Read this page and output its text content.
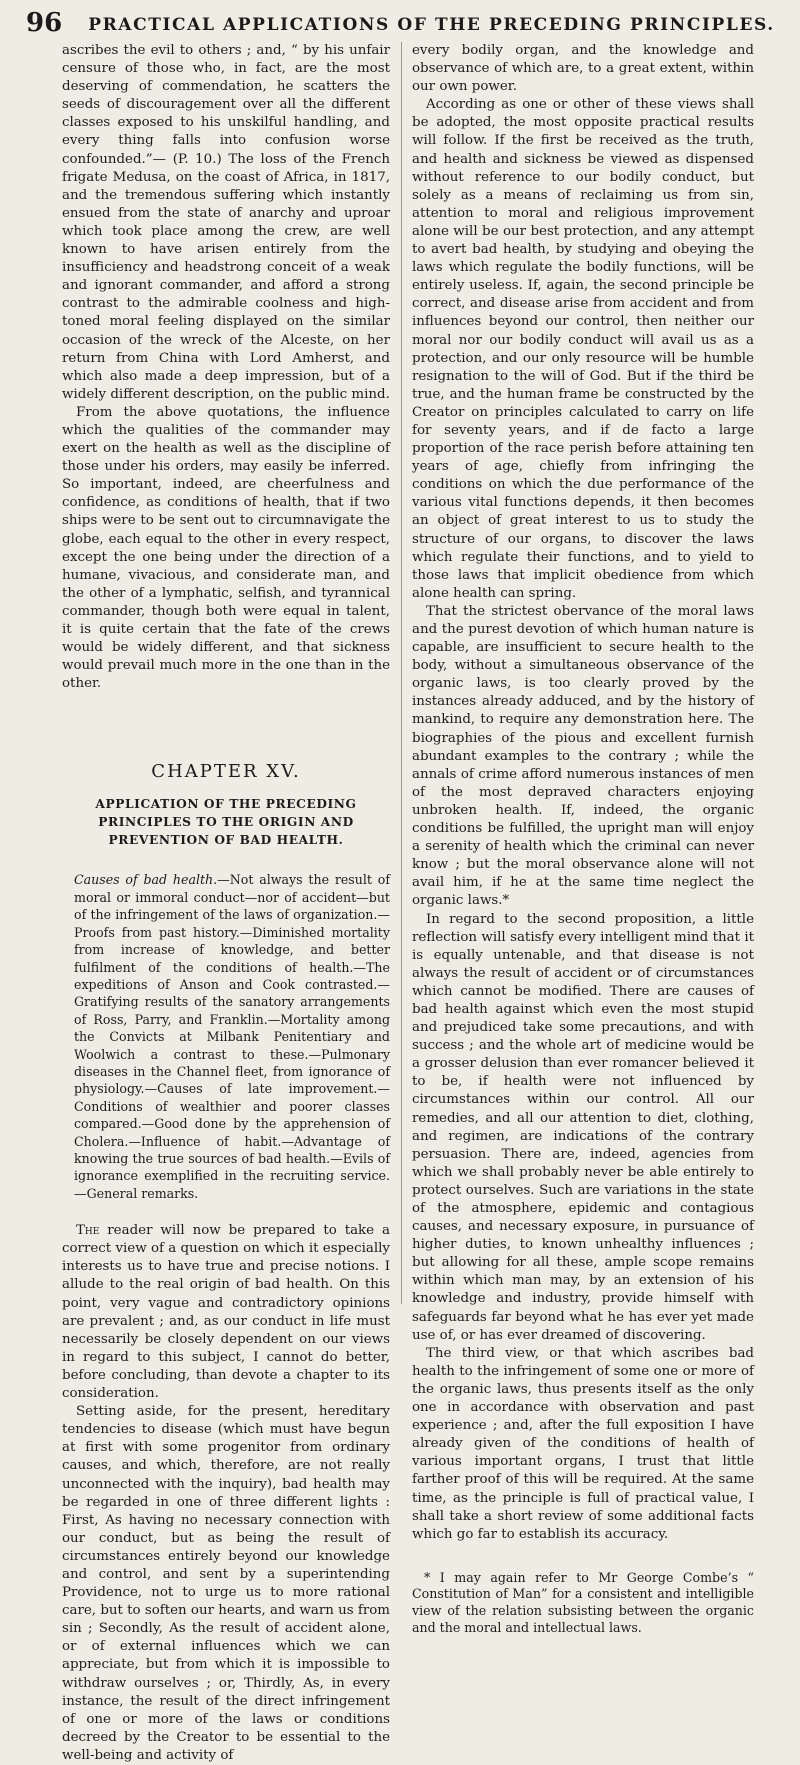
96 PRACTICAL APPLICATIONS OF THE PRECEDING PRINCIPLES.

ascribes the evil to others ; and, “ by his unfair censure of those who, in fact, are the most deserving of commendation, he scatters the seeds of discouragement over all the different classes exposed to his unskilful handling, and every thing falls into confusion worse confounded.”— (P. 10.) The loss of the French frigate Medusa, on the coast of Africa, in 1817, and the tremendous suffering which instantly ensued from the state of anarchy and uproar which took place among the crew, are well known to have arisen entirely from the insufficiency and headstrong conceit of a weak and ignorant commander, and afford a strong contrast to the admirable coolness and high-toned moral feeling displayed on the similar occasion of the wreck of the Alceste, on her return from China with Lord Amherst, and which also made a deep impression, but of a widely different description, on the public mind.

From the above quotations, the influence which the qualities of the commander may exert on the health as well as the discipline of those under his orders, may easily be inferred. So important, indeed, are cheerfulness and confidence, as conditions of health, that if two ships were to be sent out to circumnavigate the globe, each equal to the other in every respect, except the one being under the direction of a humane, vivacious, and considerate man, and the other of a lymphatic, selfish, and tyrannical commander, though both were equal in talent, it is quite certain that the fate of the crews would be widely different, and that sickness would prevail much more in the one than in the other.

CHAPTER XV.
APPLICATION OF THE PRECEDING PRINCIPLES TO THE ORIGIN AND PREVENTION OF BAD HEALTH.

Causes of bad health.—Not always the result of moral or immoral conduct—nor of accident—but of the infringement of the laws of organization.—Proofs from past history.—Diminished mortality from increase of knowledge, and better fulfilment of the conditions of health.—The expeditions of Anson and Cook contrasted.—Gratifying results of the sanatory arrangements of Ross, Parry, and Franklin.—Mortality among the Convicts at Milbank Penitentiary and Woolwich a contrast to these.—Pulmonary diseases in the Channel fleet, from ignorance of physiology.—Causes of late improvement.—Conditions of wealthier and poorer classes compared.—Good done by the apprehension of Cholera.—Influence of habit.—Advantage of knowing the true sources of bad health.—Evils of ignorance exemplified in the recruiting service.—General remarks.

The reader will now be prepared to take a correct view of a question on which it especially interests us to have true and precise notions. I allude to the real origin of bad health. On this point, very vague and contradictory opinions are prevalent ; and, as our conduct in life must necessarily be closely dependent on our views in regard to this subject, I cannot do better, before concluding, than devote a chapter to its consideration.

Setting aside, for the present, hereditary tendencies to disease (which must have begun at first with some progenitor from ordinary causes, and which, therefore, are not really unconnected with the inquiry), bad health may be regarded in one of three different lights : First, As having no necessary connection with our conduct, but as being the result of circumstances entirely beyond our knowledge and control, and sent by a superintending Providence, not to urge us to more rational care, but to soften our hearts, and warn us from sin ; Secondly, As the result of accident alone, or of external influences which we can appreciate, but from which it is impossible to withdraw ourselves ; or, Thirdly, As, in every instance, the result of the direct infringement of one or more of the laws or conditions decreed by the Creator to be essential to the well-being and activity of

every bodily organ, and the knowledge and observance of which are, to a great extent, within our own power.

According as one or other of these views shall be adopted, the most opposite practical results will follow. If the first be received as the truth, and health and sickness be viewed as dispensed without reference to our bodily conduct, but solely as a means of reclaiming us from sin, attention to moral and religious improvement alone will be our best protection, and any attempt to avert bad health, by studying and obeying the laws which regulate the bodily functions, will be entirely useless. If, again, the second principle be correct, and disease arise from accident and from influences beyond our control, then neither our moral nor our bodily conduct will avail us as a protection, and our only resource will be humble resignation to the will of God. But if the third be true, and the human frame be constructed by the Creator on principles calculated to carry on life for seventy years, and if de facto a large proportion of the race perish before attaining ten years of age, chiefly from infringing the conditions on which the due performance of the various vital functions depends, it then becomes an object of great interest to us to study the structure of our organs, to discover the laws which regulate their functions, and to yield to those laws that implicit obedience from which alone health can spring.

That the strictest obervance of the moral laws and the purest devotion of which human nature is capable, are insufficient to secure health to the body, without a simultaneous observance of the organic laws, is too clearly proved by the instances already adduced, and by the history of mankind, to require any demonstration here. The biographies of the pious and excellent furnish abundant examples to the contrary ; while the annals of crime afford numerous instances of men of the most depraved characters enjoying unbroken health. If, indeed, the organic conditions be fulfilled, the upright man will enjoy a serenity of health which the criminal can never know ; but the moral observance alone will not avail him, if he at the same time neglect the organic laws.*

In regard to the second proposition, a little reflection will satisfy every intelligent mind that it is equally untenable, and that disease is not always the result of accident or of circumstances which cannot be modified. There are causes of bad health against which even the most stupid and prejudiced take some precautions, and with success ; and the whole art of medicine would be a grosser delusion than ever romancer believed it to be, if health were not influenced by circumstances within our control. All our remedies, and all our attention to diet, clothing, and regimen, are indications of the contrary persuasion. There are, indeed, agencies from which we shall probably never be able entirely to protect ourselves. Such are variations in the state of the atmosphere, epidemic and contagious causes, and necessary exposure, in pursuance of higher duties, to known unhealthy influences ; but allowing for all these, ample scope remains within which man may, by an extension of his knowledge and industry, provide himself with safeguards far beyond what he has ever yet made use of, or has ever dreamed of discovering.

The third view, or that which ascribes bad health to the infringement of some one or more of the organic laws, thus presents itself as the only one in accordance with observation and past experience ; and, after the full exposition I have already given of the conditions of health of various important organs, I trust that little farther proof of this will be required. At the same time, as the principle is full of practical value, I shall take a short review of some additional facts which go far to establish its accuracy.

* I may again refer to Mr George Combe’s “ Constitution of Man” for a consistent and intelligible view of the relation subsisting between the organic and the moral and intellectual laws.
